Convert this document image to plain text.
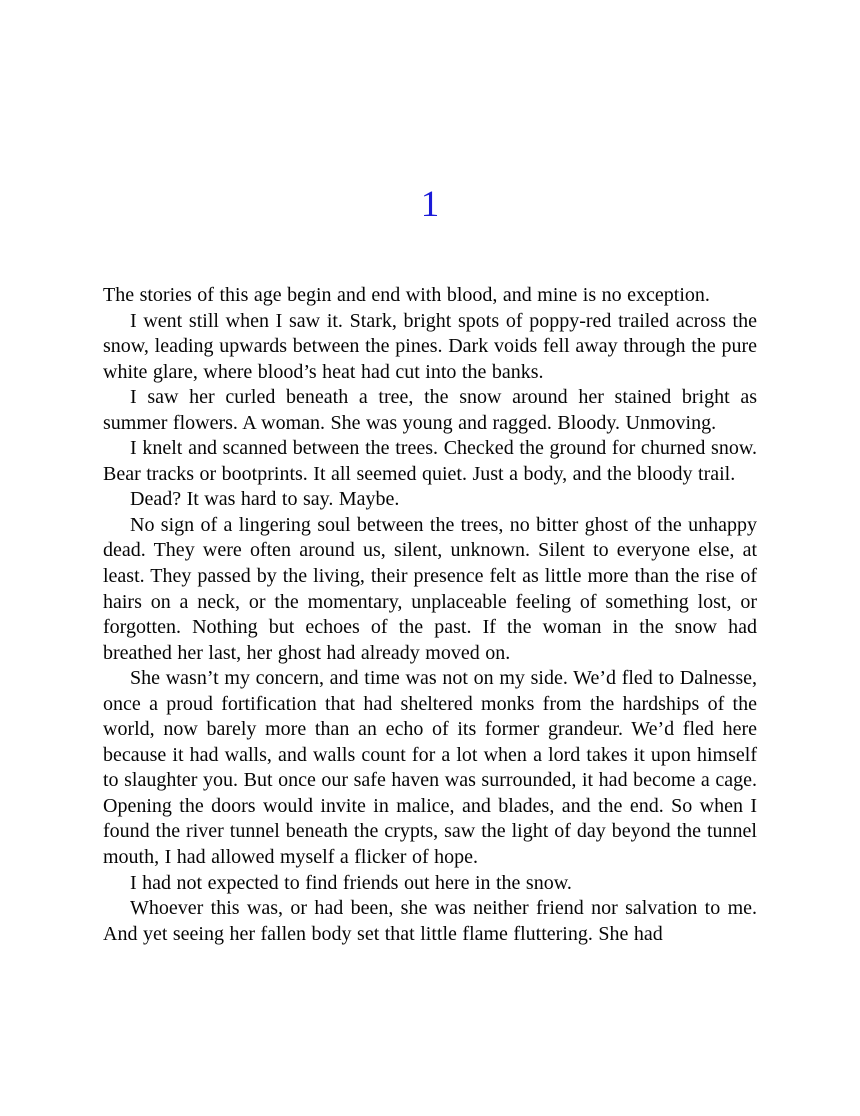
1

The stories of this age begin and end with blood, and mine is no exception.

I went still when I saw it. Stark, bright spots of poppy-red trailed across the snow, leading upwards between the pines. Dark voids fell away through the pure white glare, where blood’s heat had cut into the banks.

I saw her curled beneath a tree, the snow around her stained bright as summer flowers. A woman. She was young and ragged. Bloody. Unmoving.

I knelt and scanned between the trees. Checked the ground for churned snow. Bear tracks or bootprints. It all seemed quiet. Just a body, and the bloody trail.

Dead? It was hard to say. Maybe.

No sign of a lingering soul between the trees, no bitter ghost of the unhappy dead. They were often around us, silent, unknown. Silent to everyone else, at least. They passed by the living, their presence felt as little more than the rise of hairs on a neck, or the momentary, unplaceable feeling of something lost, or forgotten. Nothing but echoes of the past. If the woman in the snow had breathed her last, her ghost had already moved on.

She wasn’t my concern, and time was not on my side. We’d fled to Dalnesse, once a proud fortification that had sheltered monks from the hardships of the world, now barely more than an echo of its former grandeur. We’d fled here because it had walls, and walls count for a lot when a lord takes it upon himself to slaughter you. But once our safe haven was surrounded, it had become a cage. Opening the doors would invite in malice, and blades, and the end. So when I found the river tunnel beneath the crypts, saw the light of day beyond the tunnel mouth, I had allowed myself a flicker of hope.

I had not expected to find friends out here in the snow.

Whoever this was, or had been, she was neither friend nor salvation to me. And yet seeing her fallen body set that little flame fluttering. She had
